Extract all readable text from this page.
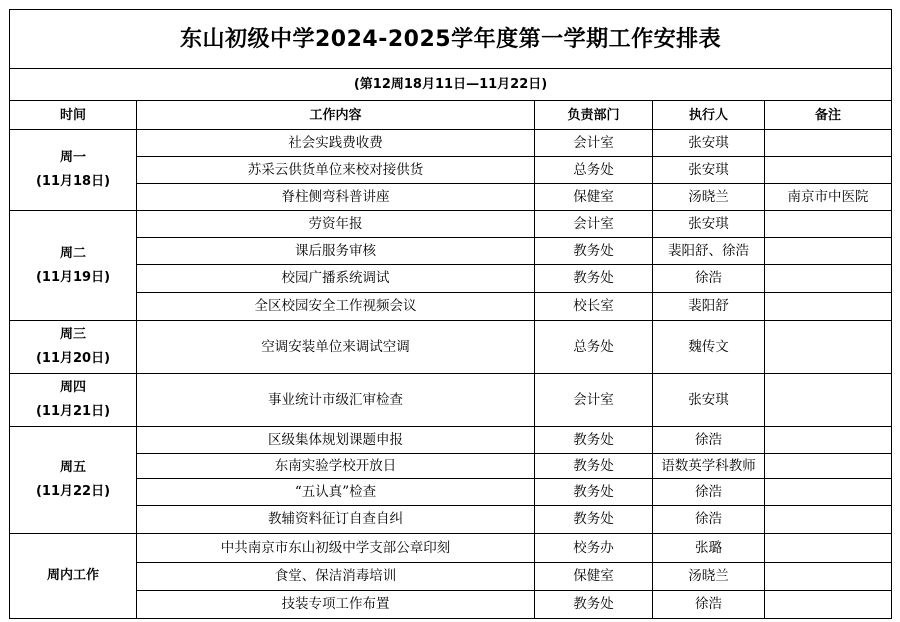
东山初级中学2024-2025学年度第一学期工作安排表				
(第12周18月11日—11月22日)				
时间	工作内容	负责部门	执行人	备注

周一
(11月18日)	社会实践费收费	会计室	张安琪	
	苏采云供货单位来校对接供货	总务处	张安琪	
	脊柱侧弯科普讲座	保健室	汤晓兰	南京市中医院

周二
(11月19日)	劳资年报	会计室	张安琪	
	课后服务审核	教务处	裴阳舒、徐浩	
	校园广播系统调试	教务处	徐浩	
	全区校园安全工作视频会议	校长室	裴阳舒	

周三
(11月20日)	空调安装单位来调试空调	总务处	魏传文	

周四
(11月21日)	事业统计市级汇审检查	会计室	张安琪	

周五
(11月22日)	区级集体规划课题申报	教务处	徐浩	
	东南实验学校开放日	教务处	语数英学科教师	
	“五认真”检查	教务处	徐浩	
	教辅资料征订自查自纠	教务处	徐浩	

周内工作	中共南京市东山初级中学支部公章印刻	校务办	张璐	
	食堂、保洁消毒培训	保健室	汤晓兰	
	技装专项工作布置	教务处	徐浩	
